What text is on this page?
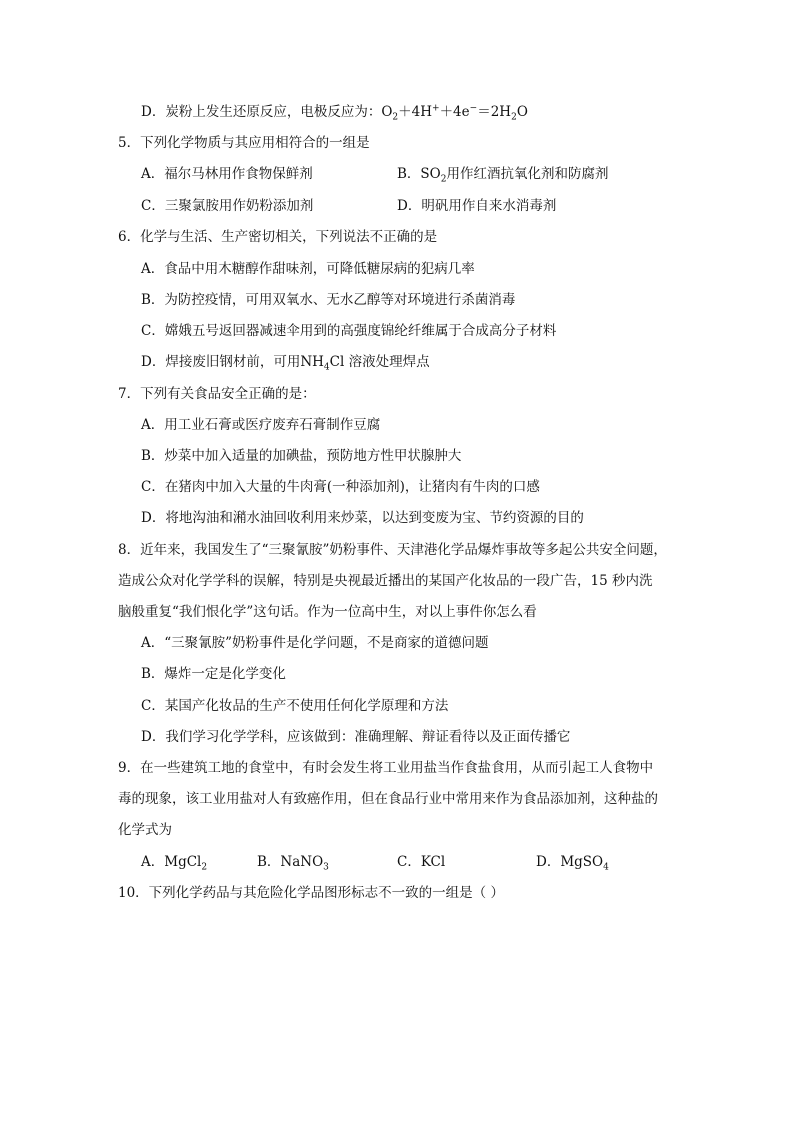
D．炭粉上发生还原反应，电极反应为：$O_2+4H^++4e^-=2H_2O$
5．下列化学物质与其应用相符合的一组是
A．福尔马林用作食物保鲜剂	B．$SO_2$用作红酒抗氧化剂和防腐剂
C．三聚氯胺用作奶粉添加剂	D．明矾用作自来水消毒剂
6．化学与生活、生产密切相关，下列说法不正确的是
A．食品中用木糖醇作甜味剂，可降低糖尿病的犯病几率
B．为防控疫情，可用双氧水、无水乙醇等对环境进行杀菌消毒
C．嫦娥五号返回器减速伞用到的高强度锦纶纤维属于合成高分子材料
D．焊接废旧钢材前，可用$NH_4Cl$ 溶液处理焊点
7．下列有关食品安全正确的是：
A．用工业石膏或医疗废弃石膏制作豆腐
B．炒菜中加入适量的加碘盐，预防地方性甲状腺肿大
C．在猪肉中加入大量的牛肉膏(一种添加剂)，让猪肉有牛肉的口感
D．将地沟油和潲水油回收利用来炒菜，以达到变废为宝、节约资源的目的
8．近年来，我国发生了“三聚氰胺”奶粉事件、天津港化学品爆炸事故等多起公共安全问题，
造成公众对化学学科的误解，特别是央视最近播出的某国产化妆品的一段广告，15 秒内洗
脑般重复“我们恨化学”这句话。作为一位高中生，对以上事件你怎么看
A．“三聚氰胺”奶粉事件是化学问题，不是商家的道德问题
B．爆炸一定是化学变化
C．某国产化妆品的生产不使用任何化学原理和方法
D．我们学习化学学科，应该做到：准确理解、辩证看待以及正面传播它
9．在一些建筑工地的食堂中，有时会发生将工业用盐当作食盐食用，从而引起工人食物中
毒的现象，该工业用盐对人有致癌作用，但在食品行业中常用来作为食品添加剂，这种盐的
化学式为
A．MgCl$_2$	B．NaNO$_3$	C．KCl	D．MgSO$_4$
10．下列化学药品与其危险化学品图形标志不一致的一组是（ ）
